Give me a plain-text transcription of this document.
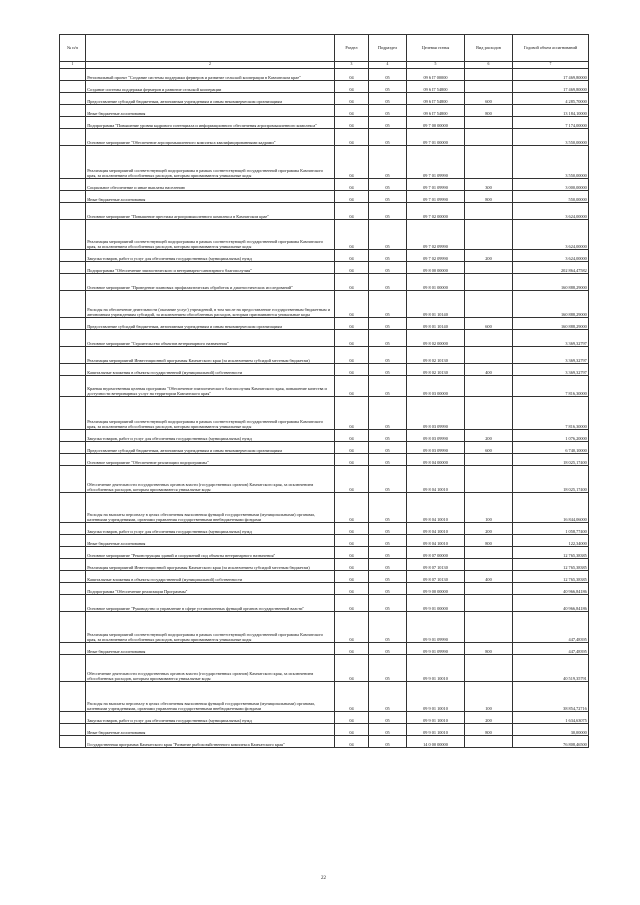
№ п/п		Раздел	Подраздел	Целевая статья	Вид расходов	Годовой объем ассигнований
1	2	3	4	5	6	7
	Региональный проект "Создание системы поддержки фермеров и развитие сельской кооперации в Камчатском крае"	04	05	09 6 I7 00000		17 469,80000
	Создание системы поддержки фермеров и развитие сельской кооперации	04	05	09 6 I7 54800		17 469,80000
	Предоставление субсидий бюджетным, автономным учреждениям и иным некоммерческим организациям	04	05	09 6 I7 54800	600	4 285,70000
	Иные бюджетные ассигнования	04	05	09 6 I7 54800	800	13 184,10000
	Подпрограмма "Повышение уровня кадрового потенциала и информационного обеспечения агропромышленного комплекса"	04	05	09 7 00 00000		7 174,00000
	Основное мероприятие "Обеспечение агропромышленного комплекса квалифицированными кадрами"	04	05	09 7 01 00000		3 550,00000
	Реализация мероприятий соответствующей подпрограммы в рамках соответствующей государственной программы Камчатского края, за исключением обособленных расходов, которым присваиваются уникальные коды	04	05	09 7 01 09990		3 550,00000
	Социальное обеспечение и иные выплаты населению	04	05	09 7 01 09990	300	3 000,00000
	Иные бюджетные ассигнования	04	05	09 7 01 09990	800	550,00000
	Основное мероприятие "Повышение престижа агропромышленного комплекса в Камчатском крае"	04	05	09 7 02 00000		3 624,00000
	Реализация мероприятий соответствующей подпрограммы в рамках соответствующей государственной программы Камчатского края, за исключением обособленных расходов, которым присваиваются уникальные коды	04	05	09 7 02 09990		3 624,00000
	Закупка товаров, работ и услуг для обеспечения государственных (муниципальных) нужд	04	05	09 7 02 09990	200	3 624,00000
	Подпрограмма "Обеспечение эпизоотического и ветеринарно-санитарного благополучия"	04	05	09 8 00 00000		202 864,47582
	Основное мероприятие "Проведение плановых профилактических обработок и диагностических исследований"	04	05	09 8 01 00000		160 888,29000
	Расходы на обеспечение деятельности (оказание услуг) учреждений, в том числе на предоставление государственным бюджетным и автономным учреждениям субсидий, за исключением обособленных расходов, которым присваиваются уникальные коды	04	05	09 8 01 10140		160 888,29000
	Предоставление субсидий бюджетным, автономным учреждениям и иным некоммерческим организациям	04	05	09 8 01 10140	600	160 888,29000
	Основное мероприятие "Строительство объектов ветеринарного назначения"	04	05	09 8 02 00000		3 369,32797
	Реализация мероприятий Инвестиционной программы Камчатского края (за исключением субсидий местным бюджетам)	04	05	09 8 02 10130		3 369,32797
	Капитальные вложения в объекты государственной (муниципальной) собственности	04	05	09 8 02 10130	400	3 369,32797
	Краевая ведомственная целевая программа "Обеспечение эпизоотического благополучия Камчатского края, повышение качества и доступности ветеринарных услуг на территории Камчатского края"	04	05	09 8 03 00000		7 816,30000
	Реализация мероприятий соответствующей подпрограммы в рамках соответствующей государственной программы Камчатского края, за исключением обособленных расходов, которым присваиваются уникальные коды	04	05	09 8 03 09990		7 816,30000
	Закупка товаров, работ и услуг для обеспечения государственных (муниципальных) нужд	04	05	09 8 03 09990	200	1 076,20000
	Предоставление субсидий бюджетным, автономным учреждениям и иным некоммерческим организациям	04	05	09 8 03 09990	600	6 740,10000
	Основное мероприятие "Обеспечение реализации подпрограммы"	04	05	09 8 04 00000		18 025,17400
	Обеспечение деятельности государственных органов власти (государственных органов) Камчатского края, за исключением обособленных расходов, которым присваиваются уникальные коды	04	05	09 8 04 10010		18 025,17400
	Расходы на выплаты персоналу в целях обеспечения выполнения функций государственными (муниципальными) органами, казенными учреждениями, органами управления государственными внебюджетными фондами	04	05	09 8 04 10010	100	16 844,06000
	Закупка товаров, работ и услуг для обеспечения государственных (муниципальных) нужд	04	05	09 8 04 10010	200	1 058,77400
	Иные бюджетные ассигнования	04	05	09 8 04 10010	800	122,34000
	Основное мероприятие "Реконструкция зданий и сооружений под объекты ветеринарного назначения"	04	05	09 8 07 00000		12 765,38385
	Реализация мероприятий Инвестиционной программы Камчатского края (за исключением субсидий местным бюджетам)	04	05	09 8 07 10130		12 765,38385
	Капитальные вложения в объекты государственной (муниципальной) собственности	04	05	09 8 07 10130	400	12 765,38385
	Подпрограмма "Обеспечение реализации Программы"	04	05	09 9 00 00000		40 966,84186
	Основное мероприятие "Руководство и управление в сфере установленных функций органов государственной власти"	04	05	09 9 01 00000		40 966,84186
	Реализация мероприятий соответствующей подпрограммы в рамках соответствующей государственной программы Камчатского края, за исключением обособленных расходов, которым присваиваются уникальные коды	04	05	09 9 01 09990		447,48395
	Иные бюджетные ассигнования	04	05	09 9 01 09990	800	447,48395
	Обеспечение деятельности государственных органов власти (государственных органов) Камчатского края, за исключением обособленных расходов, которым присваиваются уникальные коды	04	05	09 9 01 10010		40 519,35791
	Расходы на выплаты персоналу в целях обеспечения выполнения функций государственными (муниципальными) органами, казенными учреждениями, органами управления государственными внебюджетными фондами	04	05	09 9 01 10010	100	38 854,72716
	Закупка товаров, работ и услуг для обеспечения государственных (муниципальных) нужд	04	05	09 9 01 10010	200	1 634,63075
	Иные бюджетные ассигнования	04	05	09 9 01 10010	800	30,00000
	Государственная программа Камчатского края "Развитие рыбохозяйственного комплекса Камчатского края"	04	05	14 0 00 00000		76 808,46500
22
